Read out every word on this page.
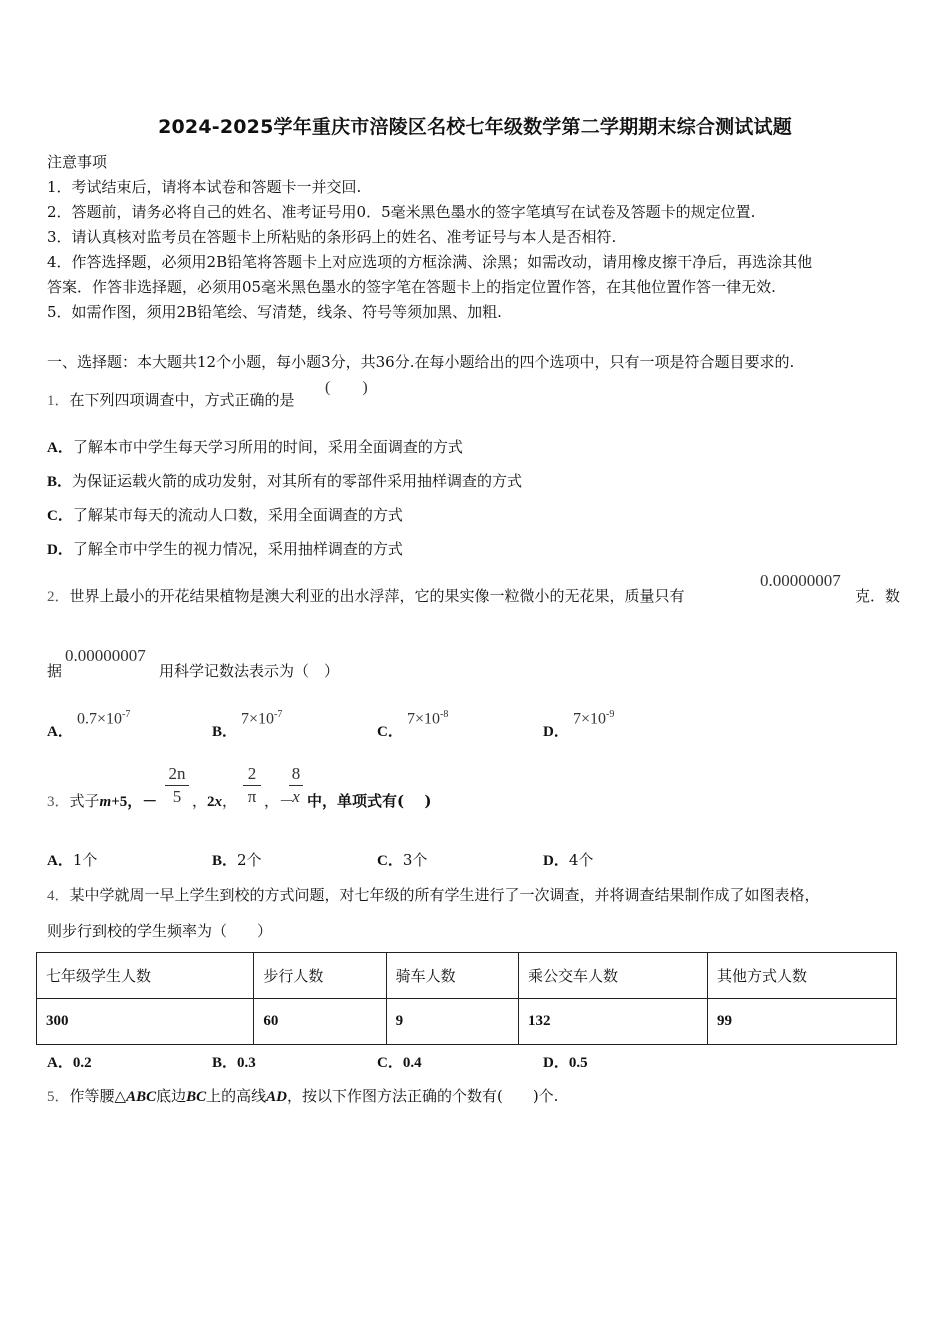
2024-2025学年重庆市涪陵区名校七年级数学第二学期期末综合测试试题
注意事项
1．考试结束后，请将本试卷和答题卡一并交回.
2．答题前，请务必将自己的姓名、准考证号用0．5毫米黑色墨水的签字笔填写在试卷及答题卡的规定位置.
3．请认真核对监考员在答题卡上所粘贴的条形码上的姓名、准考证号与本人是否相符.
4．作答选择题，必须用2B铅笔将答题卡上对应选项的方框涂满、涂黑；如需改动，请用橡皮擦干净后，再选涂其他
答案．作答非选择题，必须用05毫米黑色墨水的签字笔在答题卡上的指定位置作答，在其他位置作答一律无效.
5．如需作图，须用2B铅笔绘、写清楚，线条、符号等须加黑、加粗.
一、选择题：本大题共12个小题，每小题3分，共36分.在每小题给出的四个选项中，只有一项是符合题目要求的.
1．在下列四项调查中，方式正确的是
(　　)
A．了解本市中学生每天学习所用的时间，采用全面调查的方式
B．为保证运载火箭的成功发射，对其所有的零部件采用抽样调查的方式
C．了解某市每天的流动人口数，采用全面调查的方式
D．了解全市中学生的视力情况，采用抽样调查的方式
2．世界上最小的开花结果植物是澳大利亚的出水浮萍，它的果实像一粒微小的无花果，质量只有
0.00000007
克．数
据
0.00000007
用科学记数法表示为（　）
A．
$0.7\times 10^{-7}$
B．
$7\times 10^{-7}$
C．
$7\times 10^{-8}$
D．
$7\times 10^{-9}$
3．式子m+5，－
2n
5 ，2x，
2
π ，－
8
x 中，单项式有(　 )
A．1个	B．2个	C．3个	D．4个
4．某中学就周一早上学生到校的方式问题，对七年级的所有学生进行了一次调查，并将调查结果制作成了如图表格，
则步行到校的学生频率为（　　）
七年级学生人数	步行人数	骑车人数	乘公交车人数	其他方式人数
300	60	9	132	99
A．0.2	B．0.3	C．0.4	D．0.5
5．作等腰△ABC底边BC上的高线AD，按以下作图方法正确的个数有(　　)个.
